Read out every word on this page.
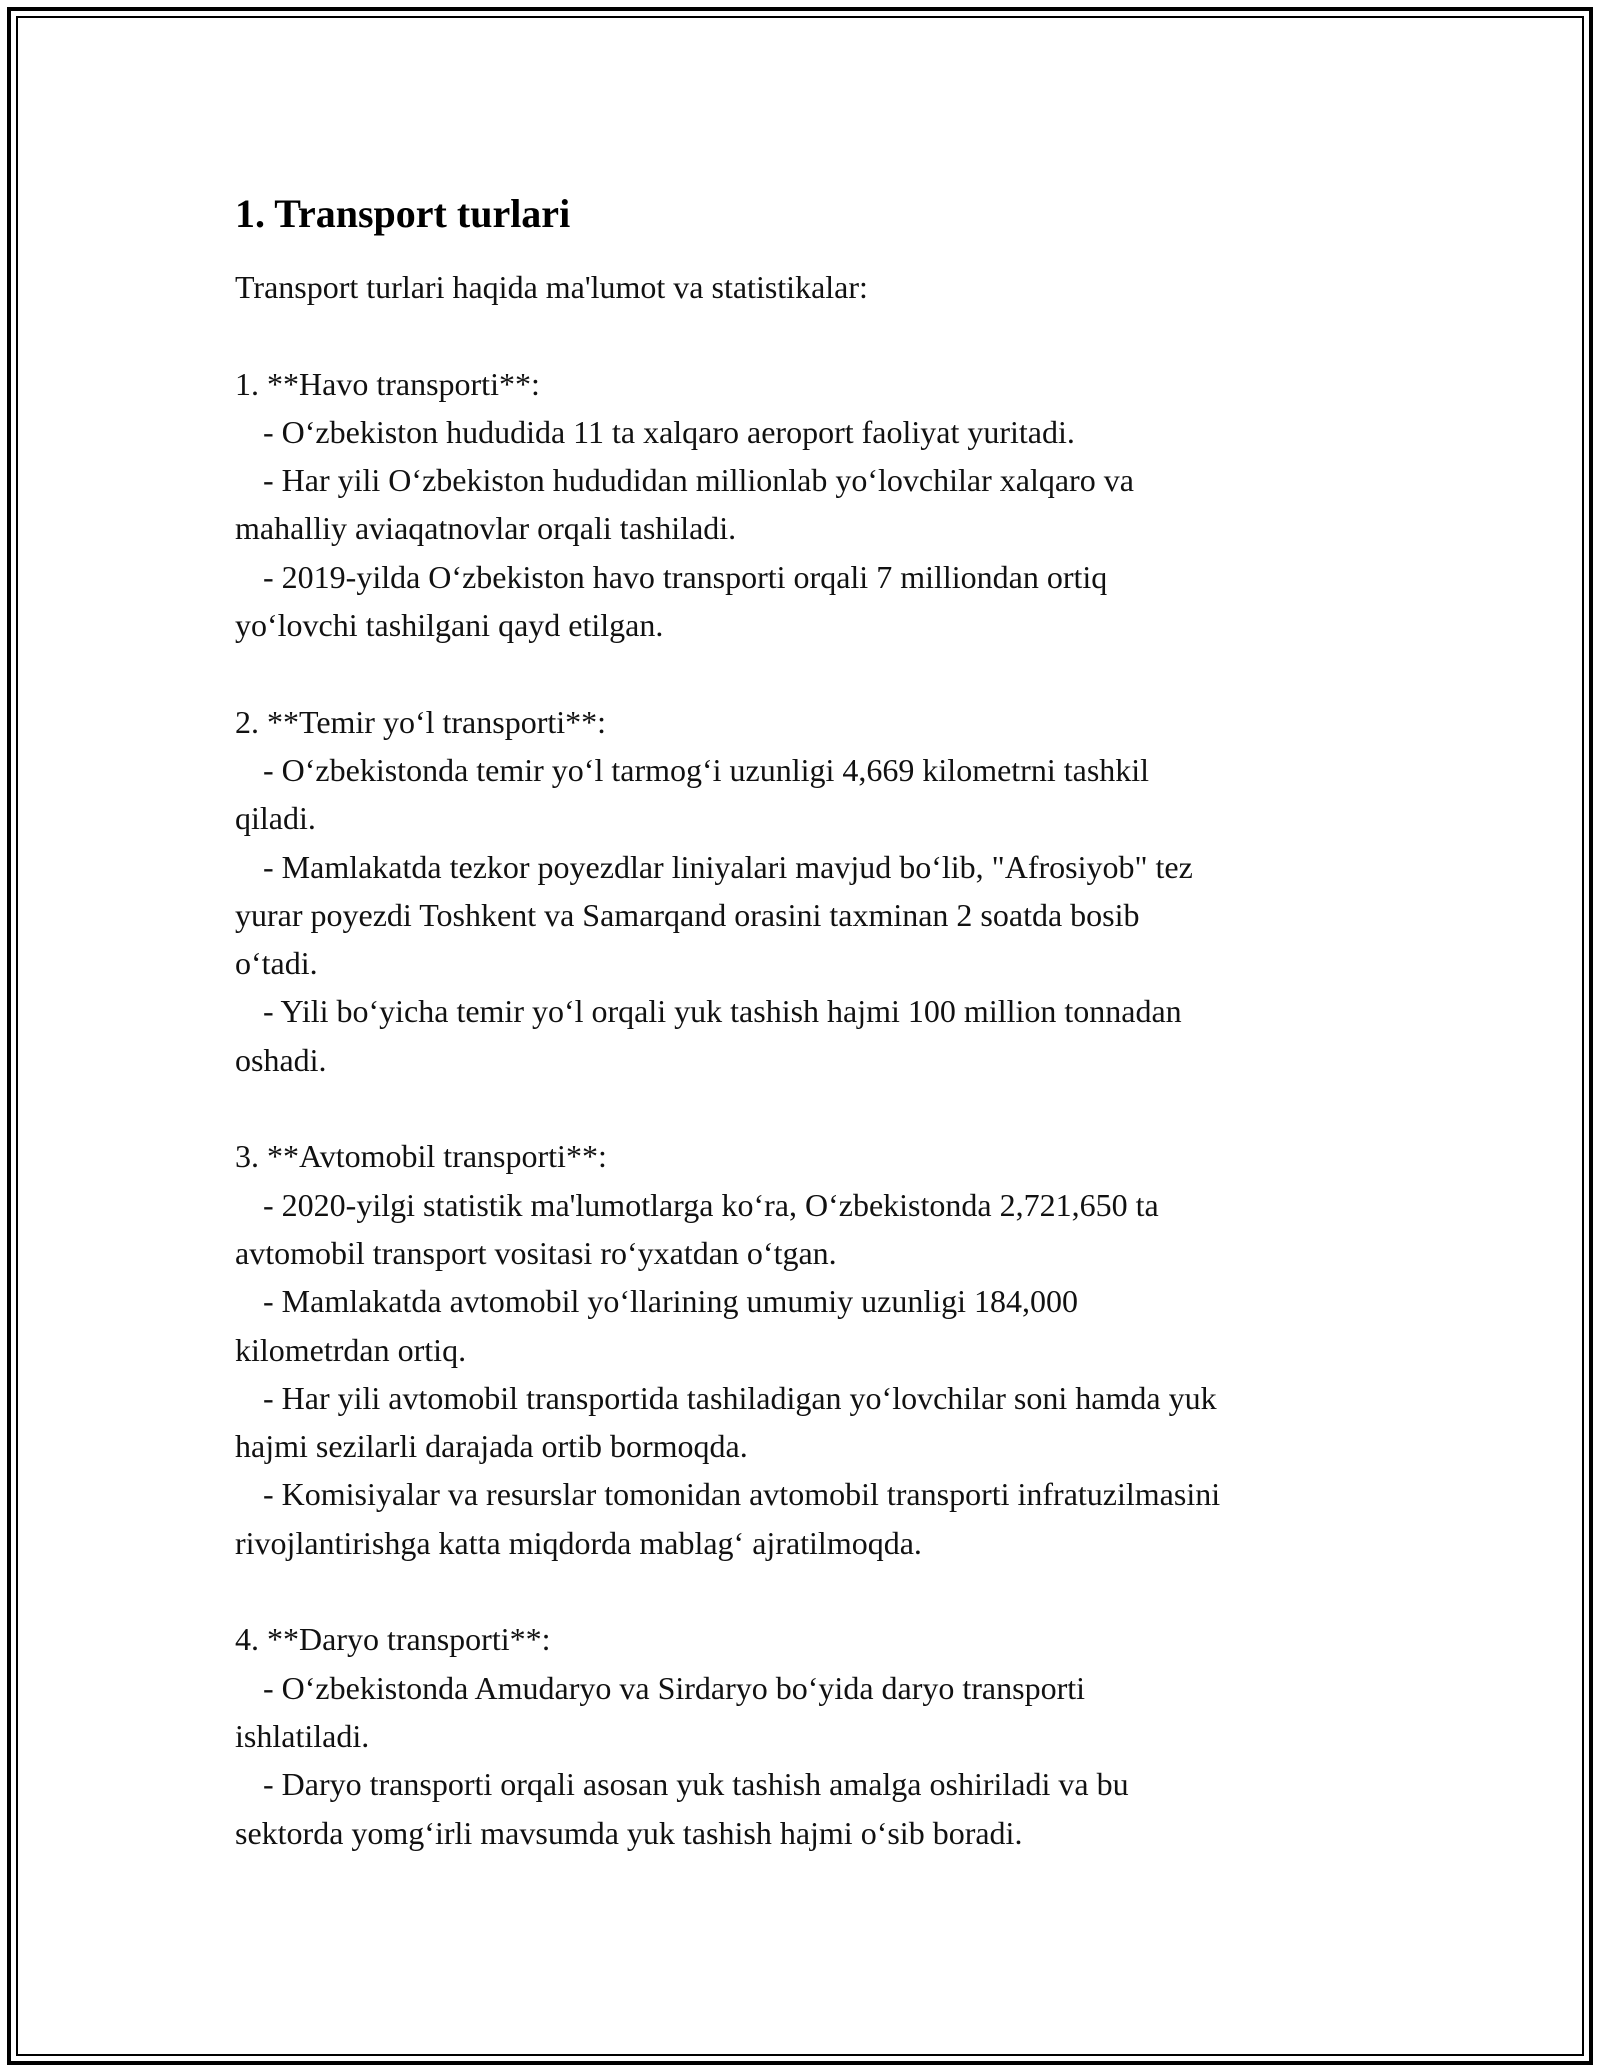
1. Transport turlari
Transport turlari haqida ma'lumot va statistikalar:
1. **Havo transporti**:
- O‘zbekiston hududida 11 ta xalqaro aeroport faoliyat yuritadi.
- Har yili O‘zbekiston hududidan millionlab yo‘lovchilar xalqaro va
mahalliy aviaqatnovlar orqali tashiladi.
- 2019-yilda O‘zbekiston havo transporti orqali 7 milliondan ortiq
yo‘lovchi tashilgani qayd etilgan.
2. **Temir yo‘l transporti**:
- O‘zbekistonda temir yo‘l tarmog‘i uzunligi 4,669 kilometrni tashkil
qiladi.
- Mamlakatda tezkor poyezdlar liniyalari mavjud bo‘lib, "Afrosiyob" tez
yurar poyezdi Toshkent va Samarqand orasini taxminan 2 soatda bosib
o‘tadi.
- Yili bo‘yicha temir yo‘l orqali yuk tashish hajmi 100 million tonnadan
oshadi.
3. **Avtomobil transporti**:
- 2020-yilgi statistik ma'lumotlarga ko‘ra, O‘zbekistonda 2,721,650 ta
avtomobil transport vositasi ro‘yxatdan o‘tgan.
- Mamlakatda avtomobil yo‘llarining umumiy uzunligi 184,000
kilometrdan ortiq.
- Har yili avtomobil transportida tashiladigan yo‘lovchilar soni hamda yuk
hajmi sezilarli darajada ortib bormoqda.
- Komisiyalar va resurslar tomonidan avtomobil transporti infratuzilmasini
rivojlantirishga katta miqdorda mablag‘ ajratilmoqda.
4. **Daryo transporti**:
- O‘zbekistonda Amudaryo va Sirdaryo bo‘yida daryo transporti
ishlatiladi.
- Daryo transporti orqali asosan yuk tashish amalga oshiriladi va bu
sektorda yomg‘irli mavsumda yuk tashish hajmi o‘sib boradi.
